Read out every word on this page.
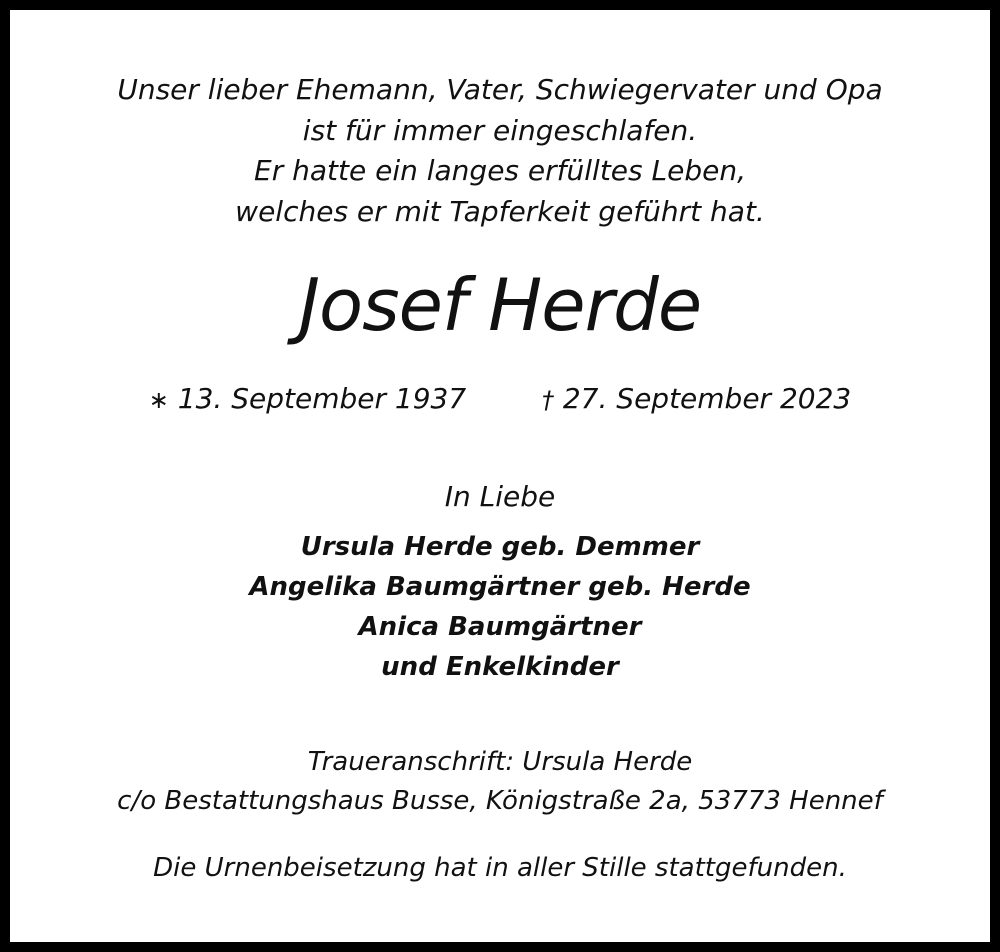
Unser lieber Ehemann, Vater, Schwiegervater und Opa
ist für immer eingeschlafen.
Er hatte ein langes erfülltes Leben,
welches er mit Tapferkeit geführt hat.
Josef Herde
∗ 13. September 1937	† 27. September 2023
In Liebe
Ursula Herde geb. Demmer
Angelika Baumgärtner geb. Herde
Anica Baumgärtner
und Enkelkinder
Traueranschrift: Ursula Herde
c/o Bestattungshaus Busse, Königstraße 2a, 53773 Hennef
Die Urnenbeisetzung hat in aller Stille stattgefunden.
